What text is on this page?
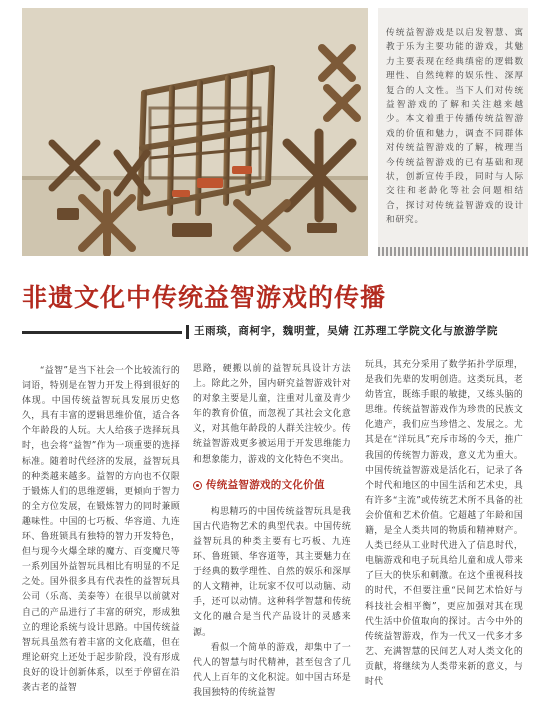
传统益智游戏是以启发智慧、寓教于乐为主要功能的游戏，其魅力主要表现在经典缜密的逻辑数理性、自然纯粹的娱乐性、深厚复合的人文性。当下人们对传统益智游戏的了解和关注越来越少。本文着重于传播传统益智游戏的价值和魅力，调查不同群体对传统益智游戏的了解，梳理当今传统益智游戏的已有基础和现状，创新宣传手段，同时与人际交往和老龄化等社会问题相结合，探讨对传统益智游戏的设计和研究。
非遗文化中传统益智游戏的传播
王雨琰，商柯宇，魏明萱，吴婧 江苏理工学院文化与旅游学院

“益智”是当下社会一个比较流行的词语，特别是在智力开发上得到很好的体现。中国传统益智玩具发展历史悠久，具有丰富的逻辑思维价值，适合各个年龄段的人玩。大人给孩子选择玩具时，也会将“益智”作为一项重要的选择标准。随着时代经济的发展，益智玩具的种类越来越多。益智的方向也不仅限于锻炼人们的思维逻辑，更倾向于智力的全方位发展，在锻炼智力的同时兼顾趣味性。中国的七巧板、华容道、九连环、鲁班锁具有独特的智力开发特色，但与现今火爆全球的魔方、百变魔尺等一系列国外益智玩具相比有明显的不足之处。国外很多具有代表性的益智玩具公司（乐高、美泰等）在很早以前就对自己的产品进行了丰富的研究，形成独立的理论系统与设计思路。中国传统益智玩具虽然有着丰富的文化底蕴，但在理论研究上还处于起步阶段，没有形成良好的设计创新体系，以至于停留在沿袭古老的益智

思路，硬搬以前的益智玩具设计方法上。除此之外，国内研究益智游戏针对的对象主要是儿童，注重对儿童及青少年的教育价值，而忽视了其社会文化意义，对其他年龄段的人群关注较少。传统益智游戏更多被运用于开发思维能力和想象能力，游戏的文化特色不突出。

传统益智游戏的文化价值

构思精巧的中国传统益智玩具是我国古代造物艺术的典型代表。中国传统益智玩具的种类主要有七巧板、九连环、鲁班锁、华容道等，其主要魅力在于经典的数学理性、自然的娱乐和深厚的人文精神，让玩家不仅可以动脑、动手，还可以动情。这种科学智慧和传统文化的融合是当代产品设计的灵感来源。

看似一个简单的游戏，却集中了一代人的智慧与时代精神，甚至包含了几代人上百年的文化积淀。如中国古环是我国独特的传统益智

玩具，其充分采用了数学拓扑学原理，是我们先辈的发明创造。这类玩具，老幼皆宜，既练手眼的敏捷，又练头脑的思维。传统益智游戏作为珍贵的民族文化遗产，我们应当珍惜之、发展之。尤其是在“洋玩具”充斥市场的今天，推广我国的传统智力游戏，意义尤为重大。中国传统益智游戏是活化石，记录了各个时代和地区的中国生活和艺术史，具有许多“主流”或传统艺术所不具备的社会价值和艺术价值。它超越了年龄和国籍，是全人类共同的物质和精神财产。人类已经从工业时代进入了信息时代，电脑游戏和电子玩具给儿童和成人带来了巨大的快乐和刺激。在这个重视科技的时代，不但要注重“民间艺术恰好与科技社会相平衡”，更应加强对其在现代生活中价值取向的探讨。古今中外的传统益智游戏，作为一代又一代多才多艺、充满智慧的民间艺人对人类文化的贡献，将继续为人类带来新的意义，与时代
